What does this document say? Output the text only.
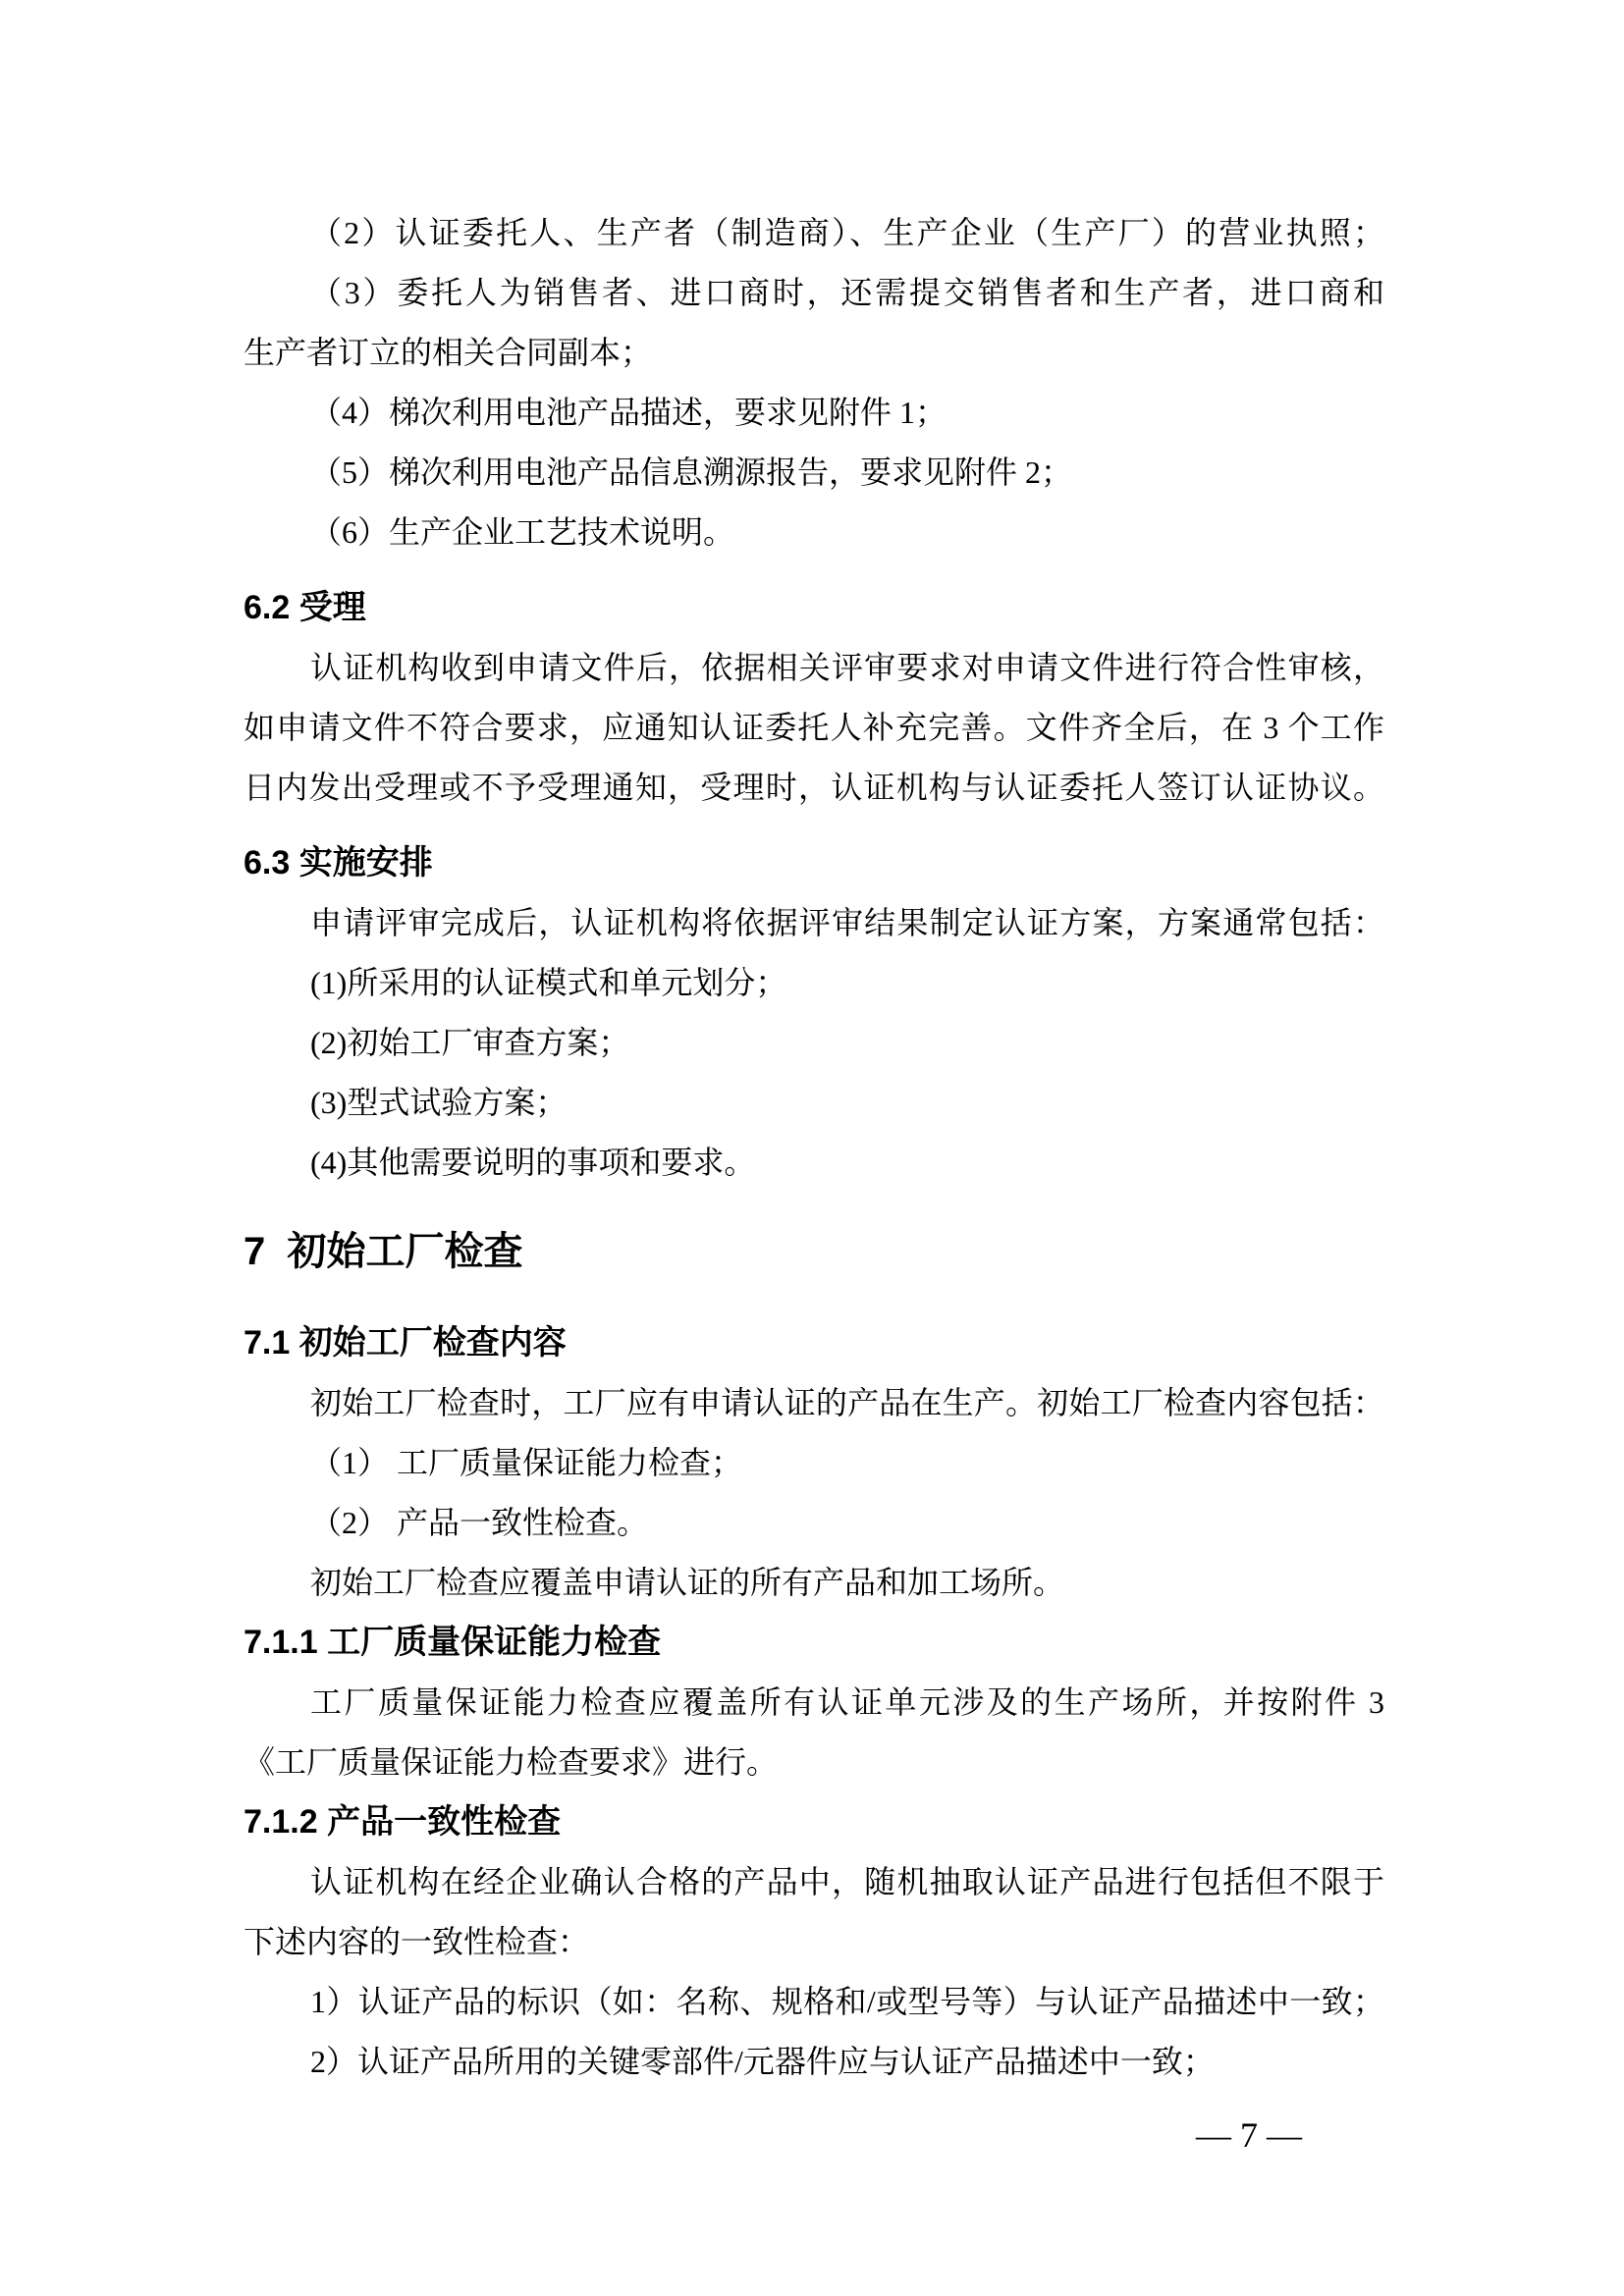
（2）认证委托人、生产者（制造商）、生产企业（生产厂）的营业执照；
（3）委托人为销售者、进口商时，还需提交销售者和生产者，进口商和
生产者订立的相关合同副本；
（4）梯次利用电池产品描述，要求见附件 1；
（5）梯次利用电池产品信息溯源报告，要求见附件 2；
（6）生产企业工艺技术说明。
6.2 受理
认证机构收到申请文件后，依据相关评审要求对申请文件进行符合性审核，
如申请文件不符合要求，应通知认证委托人补充完善。文件齐全后，在 3 个工作
日内发出受理或不予受理通知，受理时，认证机构与认证委托人签订认证协议。
6.3 实施安排
申请评审完成后，认证机构将依据评审结果制定认证方案，方案通常包括：
(1)所采用的认证模式和单元划分；
(2)初始工厂审查方案；
(3)型式试验方案；
(4)其他需要说明的事项和要求。
7  初始工厂检查
7.1 初始工厂检查内容
初始工厂检查时，工厂应有申请认证的产品在生产。初始工厂检查内容包括：
（1） 工厂质量保证能力检查；
（2） 产品一致性检查。
初始工厂检查应覆盖申请认证的所有产品和加工场所。
7.1.1 工厂质量保证能力检查
工厂质量保证能力检查应覆盖所有认证单元涉及的生产场所，并按附件 3
《工厂质量保证能力检查要求》进行。
7.1.2 产品一致性检查
认证机构在经企业确认合格的产品中，随机抽取认证产品进行包括但不限于
下述内容的一致性检查：
1）认证产品的标识（如：名称、规格和/或型号等）与认证产品描述中一致；
2）认证产品所用的关键零部件/元器件应与认证产品描述中一致；
— 7 —
